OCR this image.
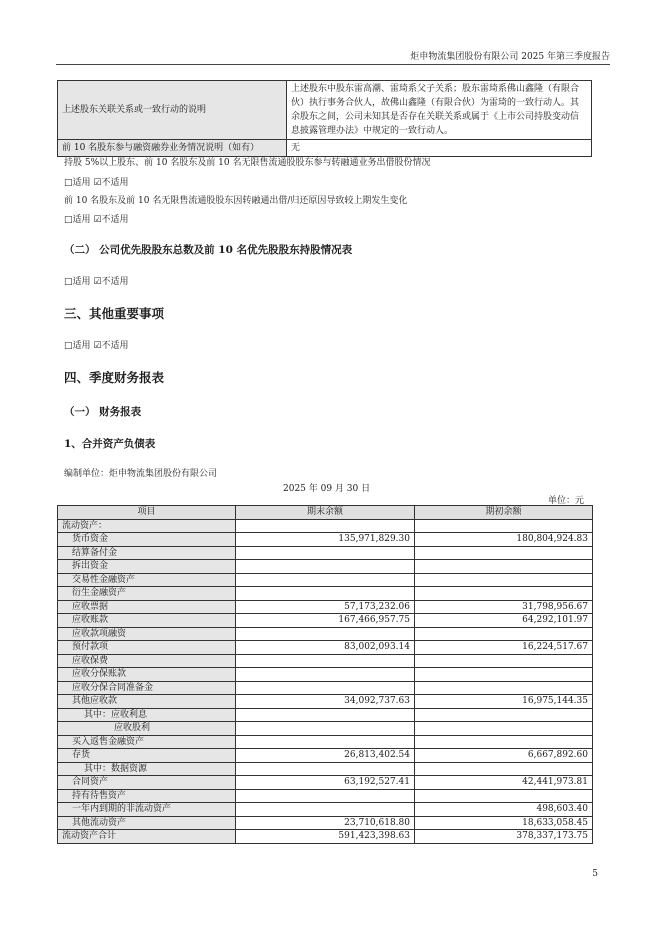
炬申物流集团股份有限公司 2025 年第三季度报告
上述股东关联关系或一致行动的说明	上述股东中股东雷高潮、雷琦系父子关系；股东雷琦系佛山鑫隆（有限合伙）执行事务合伙人，故佛山鑫隆（有限合伙）为雷琦的一致行动人。其余股东之间，公司未知其是否存在关联关系或属于《上市公司持股变动信息披露管理办法》中规定的一致行动人。
前 10 名股东参与融资融券业务情况说明（如有）	无
持股 5%以上股东、前 10 名股东及前 10 名无限售流通股股东参与转融通业务出借股份情况
□适用 ☑不适用
前 10 名股东及前 10 名无限售流通股股东因转融通出借/归还原因导致较上期发生变化
□适用 ☑不适用
（二） 公司优先股股东总数及前 10 名优先股股东持股情况表
□适用 ☑不适用
三、其他重要事项
□适用 ☑不适用
四、季度财务报表
（一） 财务报表
1、合并资产负债表
编制单位：炬申物流集团股份有限公司
2025 年 09 月 30 日
单位：元
项目	期末余额	期初余额
流动资产：		
货币资金	135,971,829.30	180,804,924.83
结算备付金		
拆出资金		
交易性金融资产		
衍生金融资产		
应收票据	57,173,232.06	31,798,956.67
应收账款	167,466,957.75	64,292,101.97
应收款项融资		
预付款项	83,002,093.14	16,224,517.67
应收保费		
应收分保账款		
应收分保合同准备金		
其他应收款	34,092,737.63	16,975,144.35
其中：应收利息		
应收股利		
买入返售金融资产		
存货	26,813,402.54	6,667,892.60
其中：数据资源		
合同资产	63,192,527.41	42,441,973.81
持有待售资产		
一年内到期的非流动资产		498,603.40
其他流动资产	23,710,618.80	18,633,058.45
流动资产合计	591,423,398.63	378,337,173.75
5
